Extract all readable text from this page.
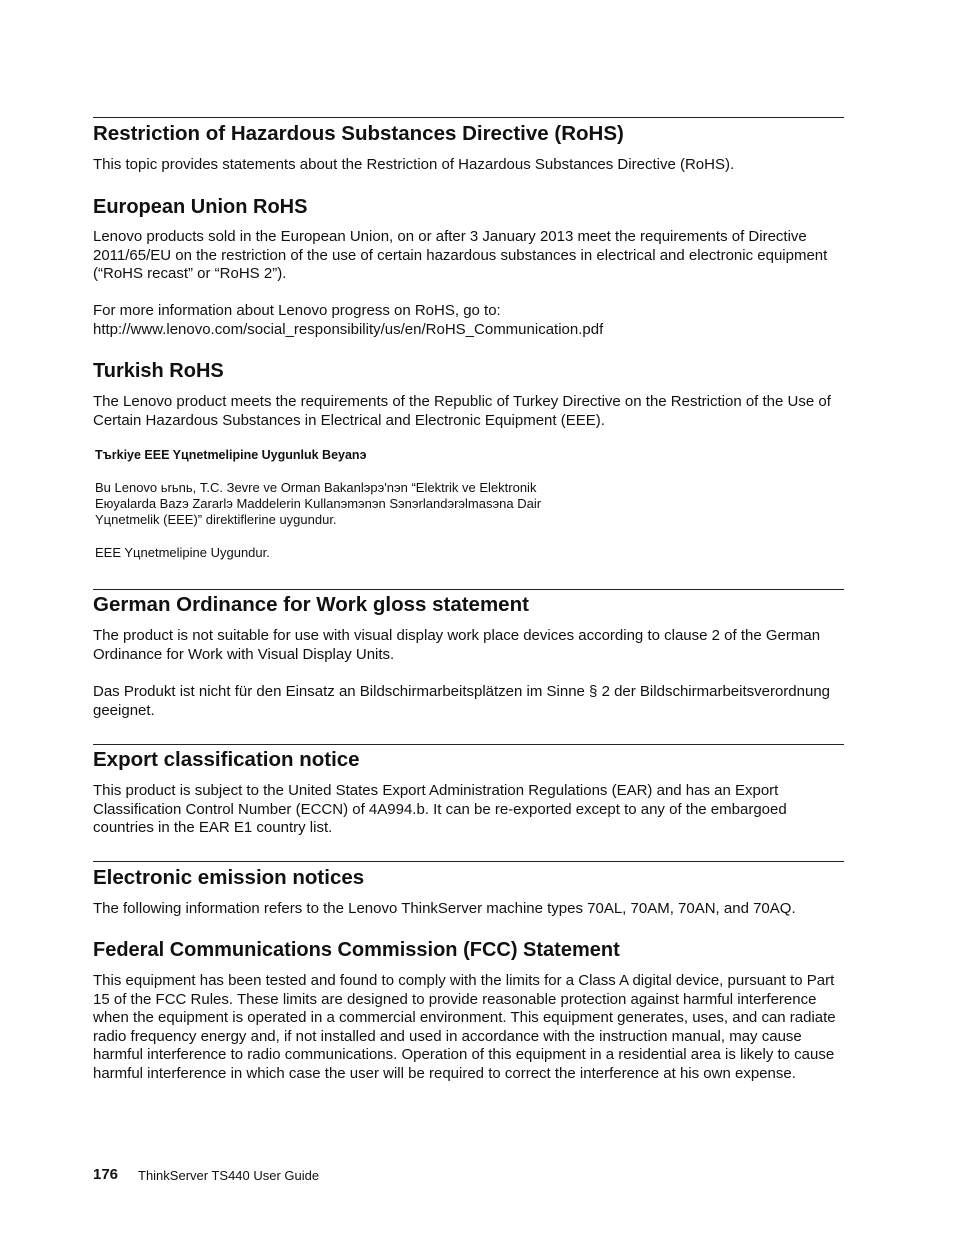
Restriction of Hazardous Substances Directive (RoHS)

This topic provides statements about the Restriction of Hazardous Substances Directive (RoHS).

European Union RoHS

Lenovo products sold in the European Union, on or after 3 January 2013 meet the requirements of Directive 2011/65/EU on the restriction of the use of certain hazardous substances in electrical and electronic equipment (“RoHS recast” or “RoHS 2”).

For more information about Lenovo progress on RoHS, go to:
http://www.lenovo.com/social_responsibility/us/en/RoHS_Communication.pdf

Turkish RoHS

The Lenovo product meets the requirements of the Republic of Turkey Directive on the Restriction of the Use of Certain Hazardous Substances in Electrical and Electronic Equipment (EEE).

Tъrkiye EEE Yцnetmelipine Uygunluk Beyanэ

Bu Lenovo ьrьnь, T.C. Зevre ve Orman Bakanlэрэ'nэn “Elektrik ve Elektronik Eюyalarda Bazэ Zararlэ Maddelerin Kullanэmэnэn Sэnэrlandэrэlmasэna Dair Yцnetmelik (EEE)” direktiflerine uygundur.

EEE Yцnetmelipine Uygundur.

German Ordinance for Work gloss statement

The product is not suitable for use with visual display work place devices according to clause 2 of the German Ordinance for Work with Visual Display Units.

Das Produkt ist nicht für den Einsatz an Bildschirmarbeitsplätzen im Sinne § 2 der Bildschirmarbeitsverordnung geeignet.

Export classification notice

This product is subject to the United States Export Administration Regulations (EAR) and has an Export Classification Control Number (ECCN) of 4A994.b. It can be re-exported except to any of the embargoed countries in the EAR E1 country list.

Electronic emission notices

The following information refers to the Lenovo ThinkServer machine types 70AL, 70AM, 70AN, and 70AQ.

Federal Communications Commission (FCC) Statement

This equipment has been tested and found to comply with the limits for a Class A digital device, pursuant to Part 15 of the FCC Rules. These limits are designed to provide reasonable protection against harmful interference when the equipment is operated in a commercial environment. This equipment generates, uses, and can radiate radio frequency energy and, if not installed and used in accordance with the instruction manual, may cause harmful interference to radio communications. Operation of this equipment in a residential area is likely to cause harmful interference in which case the user will be required to correct the interference at his own expense.

176 ThinkServer TS440 User Guide
